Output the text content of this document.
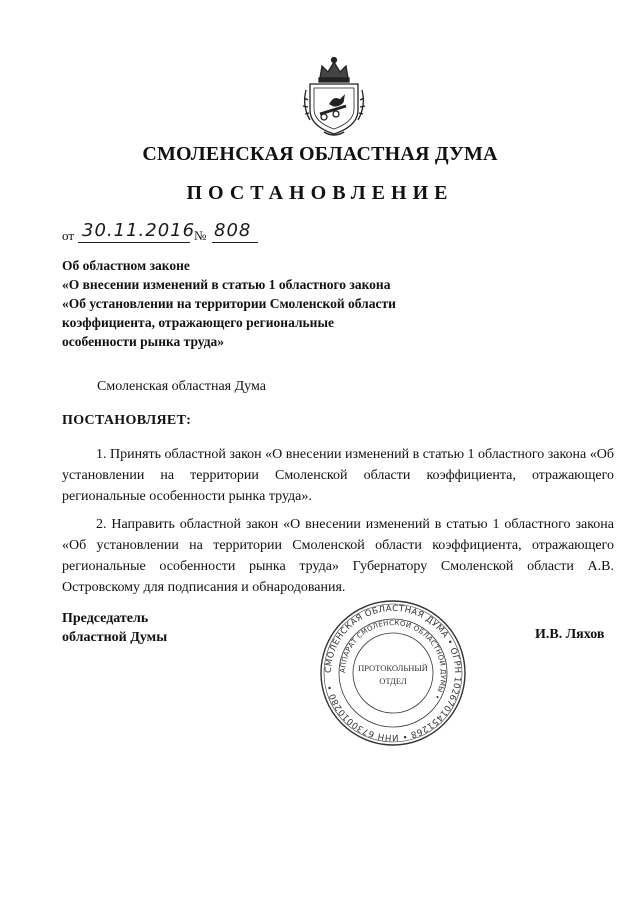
СМОЛЕНСКАЯ ОБЛАСТНАЯ ДУМА
ПОСТАНОВЛЕНИЕ
от 30.11.2016
№ 808
Об областном законе
«О внесении изменений в статью 1 областного закона
«Об установлении на территории Смоленской области
коэффициента, отражающего региональные
особенности рынка труда»
Смоленская областная Дума
ПОСТАНОВЛЯЕТ:
1. Принять областной закон «О внесении изменений в статью 1 областного закона «Об установлении на территории Смоленской области коэффициента, отражающего региональные особенности рынка труда».
2. Направить областной закон «О внесении изменений в статью 1 областного закона «Об установлении на территории Смоленской области коэффициента, отражающего региональные особенности рынка труда» Губернатору Смоленской области А.В. Островскому для подписания и обнародования.
Председатель
областной Думы	И.В. Ляхов
СМОЛЕНСКАЯ ОБЛАСТНАЯ ДУМА • ОГРН 1026701451268 • ИНН 6730010280 •
АППАРАТ СМОЛЕНСКОЙ ОБЛАСТНОЙ ДУМЫ •
ПРОТОКОЛЬНЫЙ
ОТДЕЛ
